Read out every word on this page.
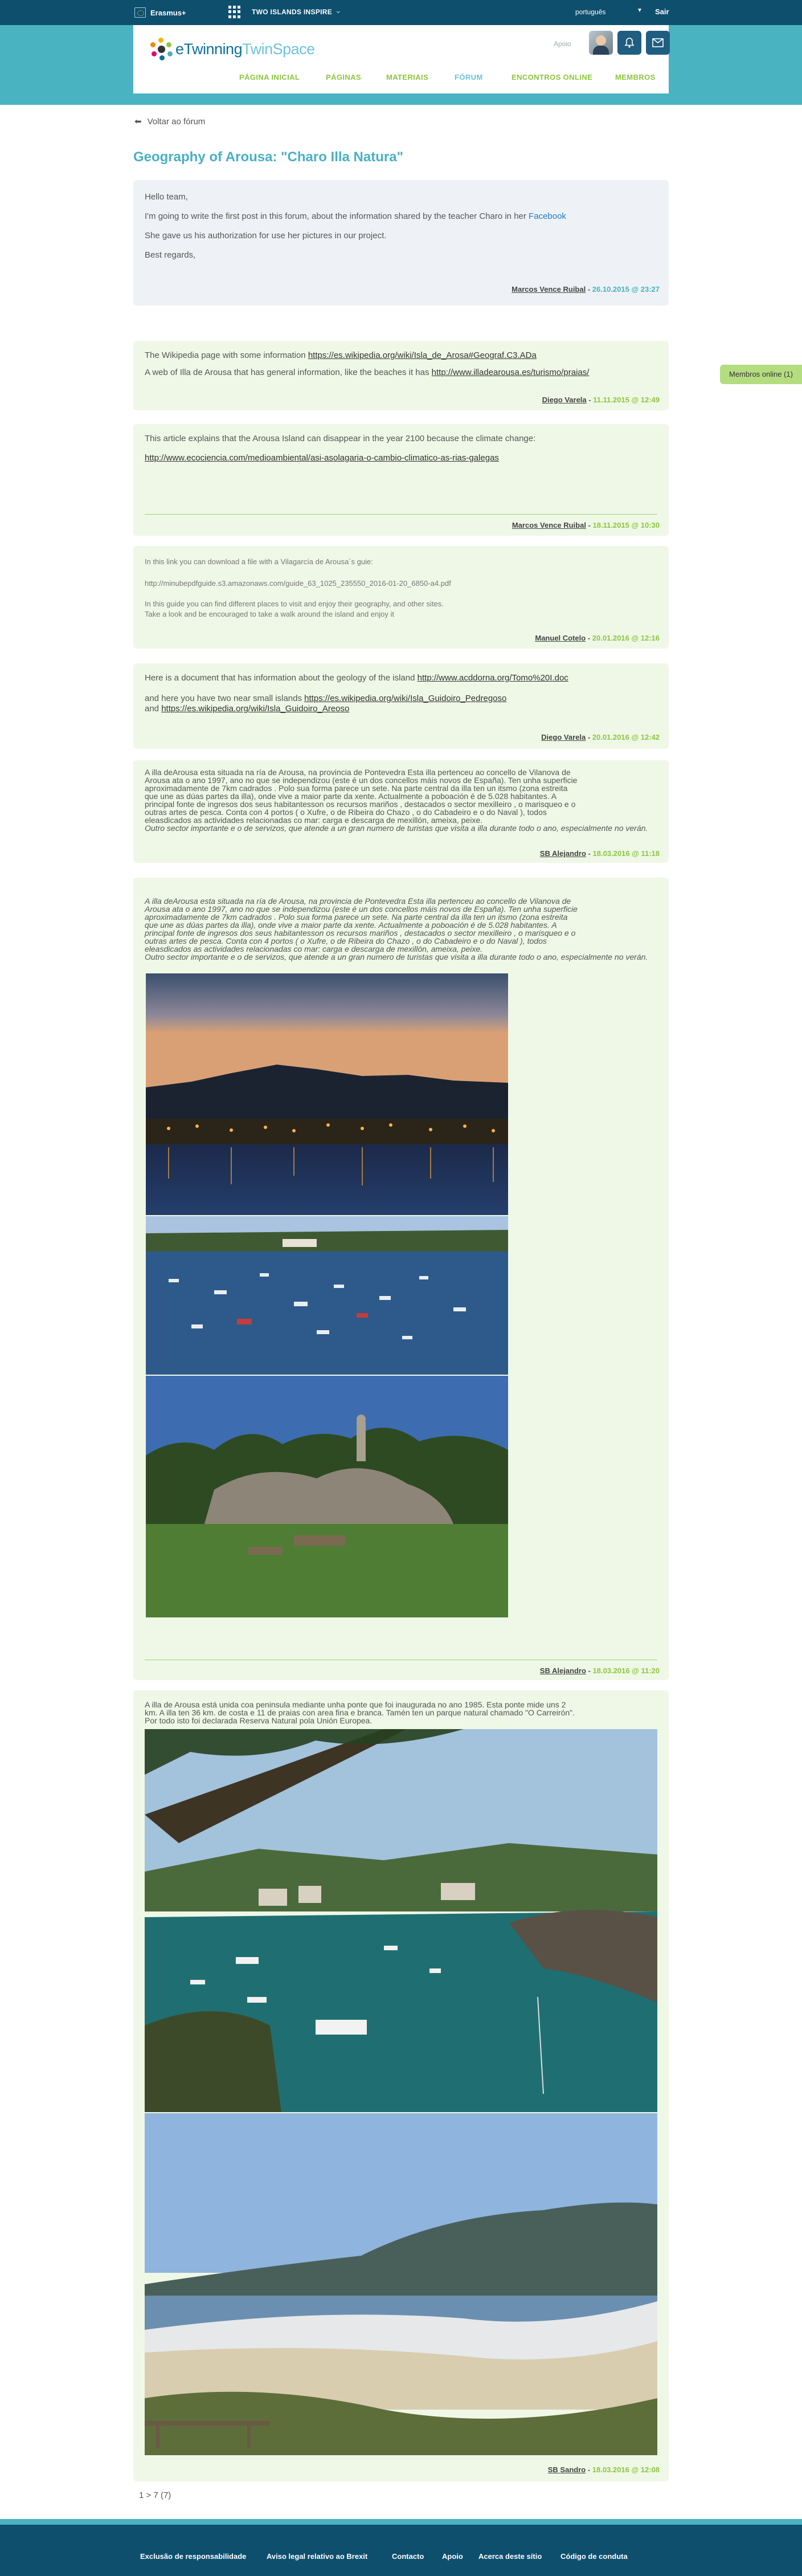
Erasmus+	TWO ISLANDS INSPIRE ⌄	português	▼ Sair
eTwinningTwinSpace	Apoio
PÁGINA INICIAL	PÁGINAS	MATERIAIS	FÓRUM	ENCONTROS ONLINE	MEMBROS
⬅ Voltar ao fórum
Geography of Arousa: "Charo Illa Natura"
Membros online (1)

Hello team,

I'm going to write the first post in this forum, about the information shared by the teacher Charo in her Facebook

She gave us his authorization for use her pictures in our project.

Best regards,

Marcos Vence Ruibal - 26.10.2015 @ 23:27

The Wikipedia page with some information https://es.wikipedia.org/wiki/Isla_de_Arosa#Geograf.C3.ADa

A web of Illa de Arousa that has general information, like the beaches it has http://www.illadearousa.es/turismo/praias/

Diego Varela - 11.11.2015 @ 12:49

This article explains that the Arousa Island can disappear in the year 2100 because the climate change:

http://www.ecociencia.com/medioambiental/asi-asolagaria-o-cambio-climatico-as-rias-galegas

Marcos Vence Ruibal - 18.11.2015 @ 10:30

In this link you can download a file with a Vilagarcía de Arousa´s guie:

http://minubepdfguide.s3.amazonaws.com/guide_63_1025_235550_2016-01-20_6850-a4.pdf

In this guide you can find different places to visit and enjoy their geography, and other sites.

Take a look and be encouraged to take a walk around the island and enjoy it

Manuel Cotelo - 20.01.2016 @ 12:16

Here is a document that has information about the geology of the island http://www.acddorna.org/Tomo%20I.doc

and here you have two near small islands https://es.wikipedia.org/wiki/Isla_Guidoiro_Pedregoso

and https://es.wikipedia.org/wiki/Isla_Guidoiro_Areoso

Diego Varela - 20.01.2016 @ 12:42

A illa deArousa esta situada na ría de Arousa, na provincia de Pontevedra Esta illa pertenceu ao concello de Vilanova de

Arousa ata o ano 1997, ano no que se independizou (este é un dos concellos máis novos de España). Ten unha superficie

aproximadamente de 7km cadrados . Polo sua forma parece un sete. Na parte central da illa ten un itsmo (zona estreita

que une as dúas partes da illa), onde vive a maior parte da xente. Actualmente a poboación é de 5.028 habitantes. A

principal fonte de ingresos dos seus habitantesson os recursos mariños , destacados o sector mexilleiro , o marisqueo e o

outras artes de pesca. Conta con 4 portos ( o Xufre, o de Ribeira do Chazo , o do Cabadeiro e o do Naval ), todos

eleasdicados as actividades relacionadas co mar: carga e descarga de mexillón, ameixa, peixe.

Outro sector importante e o de servizos, que atende a un gran numero de turistas que visita a illa durante todo o ano, especialmente no verán.

SB Alejandro - 18.03.2016 @ 11:18

A illa deArousa esta situada na ría de Arousa, na provincia de Pontevedra Esta illa pertenceu ao concello de Vilanova de

Arousa ata o ano 1997, ano no que se independizou (este é un dos concellos máis novos de España). Ten unha superficie

aproximadamente de 7km cadrados . Polo sua forma parece un sete. Na parte central da illa ten un itsmo (zona estreita

que une as dúas partes da illa), onde vive a maior parte da xente. Actualmente a poboación é de 5.028 habitantes. A

principal fonte de ingresos dos seus habitantesson os recursos mariños , destacados o sector mexilleiro , o marisqueo e o

outras artes de pesca. Conta con 4 portos ( o Xufre, o de Ribeira do Chazo , o do Cabadeiro e o do Naval ), todos

eleasdicados as actividades relacionadas co mar: carga e descarga de mexillón, ameixa, peixe.

Outro sector importante e o de servizos, que atende a un gran numero de turistas que visita a illa durante todo o ano, especialmente no verán.

SB Alejandro - 18.03.2016 @ 11:20

A illa de Arousa está unida coa peninsula mediante unha ponte que foi inaugurada no ano 1985. Esta ponte mide uns 2

km. A illa ten 36 km. de costa e 11 de praias con area fina e branca. Tamén ten un parque natural chamado "O Carreirón".

Por todo isto foi declarada Reserva Natural pola Unión Europea.

SB Sandro - 18.03.2016 @ 12:08
1 > 7 (7)
Exclusão de responsabilidade	Aviso legal relativo ao Brexit	Contacto Apoio Acerca deste sítio	Código de conduta
